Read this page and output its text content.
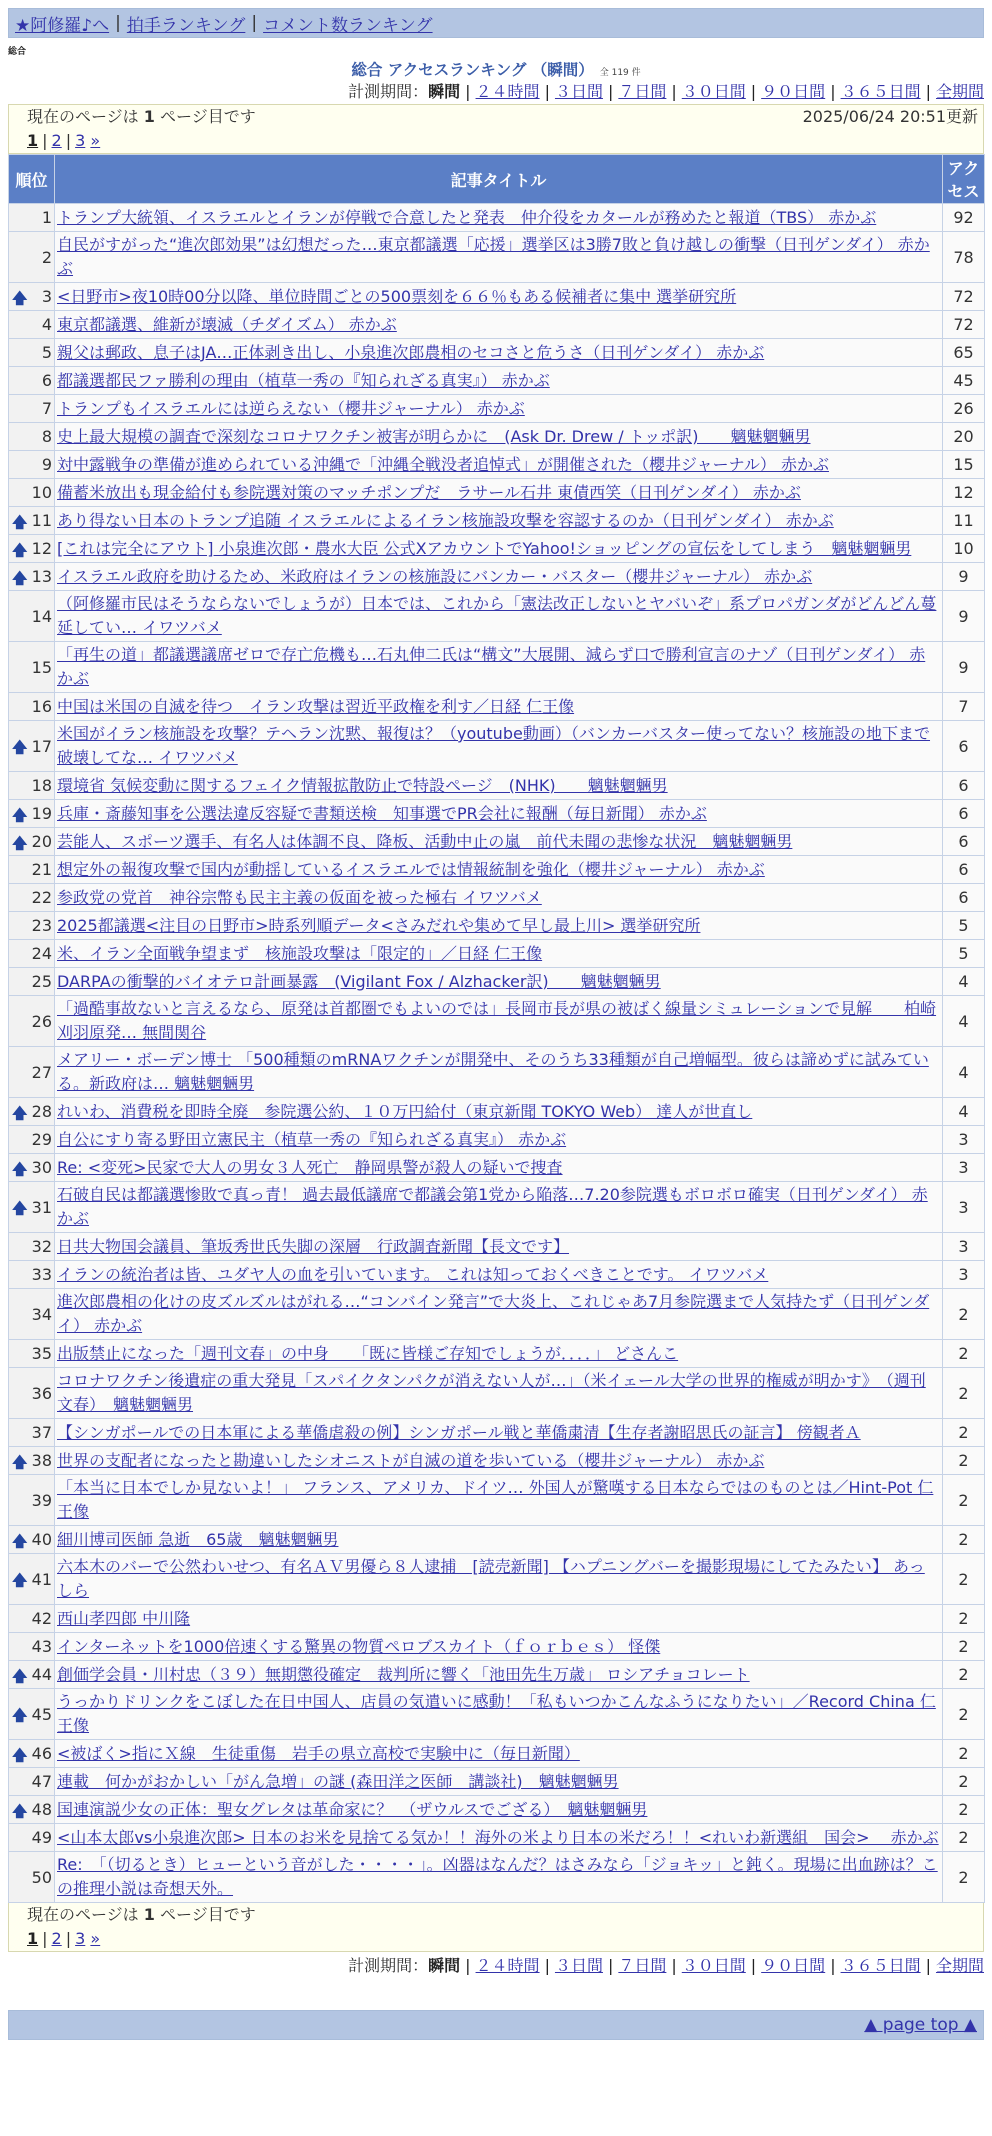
★阿修羅♪へ | 拍手ランキング | コメント数ランキング
総合
総合 アクセスランキング （瞬間） 全 119 件
計測期間：瞬間 | ２４時間 | ３日間 | ７日間 | ３０日間 | ９０日間 | ３６５日間 | 全期間
現在のページは 1 ページ目です	2025/06/24 20:51更新
1 | 2 | 3 »
順位	記事タイトル	アクセス
1	トランプ大統領、イスラエルとイランが停戦で合意したと発表　仲介役をカタールが務めたと報道（TBS） 赤かぶ	92
2	自民がすがった“進次郎効果”は幻想だった…東京都議選「応援」選挙区は3勝7敗と負け越しの衝撃（日刊ゲンダイ） 赤かぶ	78

🡅 3	<日野市>夜10時00分以降、単位時間ごとの500票刻を６６％もある候補者に集中 選挙研究所	72
4	東京都議選、維新が壊滅（チダイズム） 赤かぶ	72
5	親父は郵政、息子はJA…正体剥き出し、小泉進次郎農相のセコさと危うさ（日刊ゲンダイ） 赤かぶ	65
6	都議選都民ファ勝利の理由（植草一秀の『知られざる真実』） 赤かぶ	45
7	トランプもイスラエルには逆らえない（櫻井ジャーナル） 赤かぶ	26
8	史上最大規模の調査で深刻なコロナワクチン被害が明らかに　(Ask Dr. Drew / トッポ訳)　　魑魅魍魎男	20
9	対中露戦争の準備が進められている沖縄で「沖縄全戦没者追悼式」が開催された（櫻井ジャーナル） 赤かぶ	15
10	備蓄米放出も現金給付も参院選対策のマッチポンプだ　ラサール石井 東債西笑（日刊ゲンダイ） 赤かぶ	12

🡅 11	あり得ない日本のトランプ追随 イスラエルによるイラン核施設攻撃を容認するのか（日刊ゲンダイ） 赤かぶ	11

🡅 12	[これは完全にアウト] 小泉進次郎・農水大臣 公式XアカウントでYahoo!ショッピングの宣伝をしてしまう　魑魅魍魎男	10

🡅 13	イスラエル政府を助けるため、米政府はイランの核施設にバンカー・バスター（櫻井ジャーナル） 赤かぶ	9
14	（阿修羅市民はそうならないでしょうが）日本では、これから「憲法改正しないとヤバいぞ」系プロパガンダがどんどん蔓延してい… イワツバメ	9
15	「再生の道」都議選議席ゼロで存亡危機も…石丸伸二氏は“構文”大展開、減らず口で勝利宣言のナゾ（日刊ゲンダイ） 赤かぶ	9
16	中国は米国の自滅を待つ　イラン攻撃は習近平政権を利す／日経 仁王像	7

🡅 17	米国がイラン核施設を攻撃？テヘラン沈黙、報復は？（youtube動画）（バンカーバスター使ってない？核施設の地下まで破壊してな… イワツバメ	6
18	環境省 気候変動に関するフェイク情報拡散防止で特設ページ　(NHK)　　魑魅魍魎男	6

🡅 19	兵庫・斎藤知事を公選法違反容疑で書類送検　知事選でPR会社に報酬（毎日新聞） 赤かぶ	6

🡅 20	芸能人、スポーツ選手、有名人は体調不良、降板、活動中止の嵐　前代未聞の悲惨な状況　魑魅魍魎男	6
21	想定外の報復攻撃で国内が動揺しているイスラエルでは情報統制を強化（櫻井ジャーナル） 赤かぶ	6
22	参政党の党首　神谷宗幣も民主主義の仮面を被った極右 イワツバメ	6
23	2025都議選<注目の日野市>時系列順データ<さみだれや集めて早し最上川> 選挙研究所	5
24	米、イラン全面戦争望まず　核施設攻撃は「限定的」／日経 仁王像	5
25	DARPAの衝撃的バイオテロ計画暴露　(Vigilant Fox / Alzhacker訳)　　魑魅魍魎男	4
26	「過酷事故ないと言えるなら、原発は首都圏でもよいのでは」長岡市長が県の被ばく線量シミュレーションで見解　　柏崎刈羽原発… 無間関谷	4
27	メアリー・ボーデン博士 「500種類のmRNAワクチンが開発中、そのうち33種類が自己増幅型。彼らは諦めずに試みている。新政府は… 魑魅魍魎男	4

🡅 28	れいわ、消費税を即時全廃　参院選公約、１０万円給付（東京新聞 TOKYO Web） 達人が世直し	4
29	自公にすり寄る野田立憲民主（植草一秀の『知られざる真実』） 赤かぶ	3

🡅 30	Re: <変死>民家で大人の男女３人死亡　静岡県警が殺人の疑いで捜査	3

🡅 31	石破自民は都議選惨敗で真っ青！ 過去最低議席で都議会第1党から陥落…7.20参院選もボロボロ確実（日刊ゲンダイ） 赤かぶ	3
32	日共大物国会議員、筆坂秀世氏失脚の深層　行政調査新聞【長文です】	3
33	イランの統治者は皆、ユダヤ人の血を引いています。 これは知っておくべきことです。 イワツバメ	3
34	進次郎農相の化けの皮ズルズルはがれる…“コンバイン発言”で大炎上、これじゃあ7月参院選まで人気持たず（日刊ゲンダイ） 赤かぶ	2
35	出版禁止になった「週刊文春」の中身　　「既に皆様ご存知でしょうが．．．．」 どさんこ	2
36	コロナワクチン後遺症の重大発見「スパイクタンパクが消えない人が…」（米イェール大学の世界的権威が明かす》　（週刊文春）　魑魅魍魎男	2
37	【シンガポールでの日本軍による華僑虐殺の例】シンガポール戦と華僑粛清【生存者謝昭思氏の証言】 傍観者Ａ	2

🡅 38	世界の支配者になったと勘違いしたシオニストが自滅の道を歩いている（櫻井ジャーナル） 赤かぶ	2
39	「本当に日本でしか見ないよ！」 フランス、アメリカ、ドイツ… 外国人が驚嘆する日本ならではのものとは／Hint-Pot 仁王像	2

🡅 40	細川博司医師 急逝　65歳　魑魅魍魎男	2

🡅 41	六本木のバーで公然わいせつ、有名ＡＶ男優ら８人逮捕　[読売新聞] 【ハプニングバーを撮影現場にしてたみたい】 あっしら	2
42	西山孝四郎 中川隆	2
43	インターネットを1000倍速くする驚異の物質ペロブスカイト（ｆｏｒｂｅｓ） 怪傑	2

🡅 44	創価学会員・川村忠（３９）無期懲役確定　裁判所に響く「池田先生万歳」 ロシアチョコレート	2

🡅 45	うっかりドリンクをこぼした在日中国人、店員の気遣いに感動！「私もいつかこんなふうになりたい」／Record China 仁王像	2

🡅 46	<被ばく>指にＸ線　生徒重傷　岩手の県立高校で実験中に（毎日新聞）	2
47	連載　何かがおかしい「がん急増」の謎 (森田洋之医師　講談社)　魑魅魍魎男	2

🡅 48	国連演説少女の正体：聖女グレタは革命家に？　（ザウルスでござる）　魑魅魍魎男	2
49	<山本太郎vs小泉進次郎> 日本のお米を見捨てる気か！！海外の米より日本の米だろ！！<れいわ新選組　国会>　 赤かぶ	2
50	Re:　「（切るとき）ヒューという音がした・・・・」。凶器はなんだ？はさみなら「ジョキッ」と鈍く。現場に出血跡は？この推理小説は奇想天外。	2
現在のページは 1 ページ目です
1 | 2 | 3 »
計測期間：瞬間 | ２４時間 | ３日間 | ７日間 | ３０日間 | ９０日間 | ３６５日間 | 全期間
▲ page top ▲
